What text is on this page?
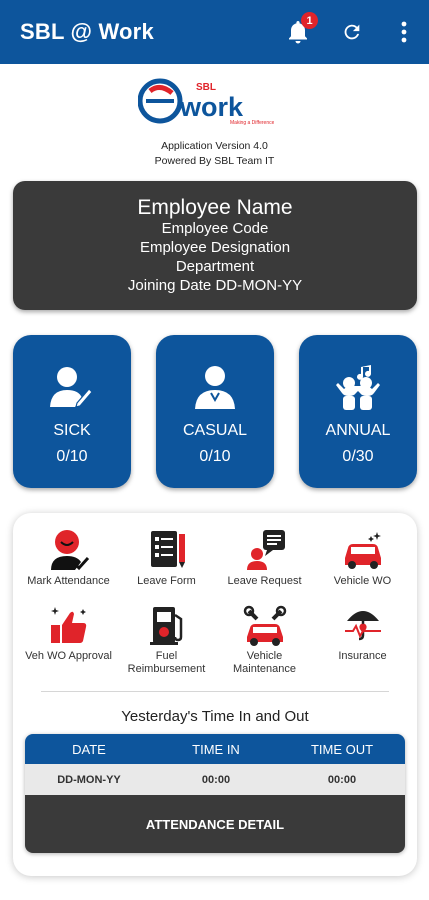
SBL @ Work	1
SBL
work
Making a Difference
Application Version 4.0
Powered By SBL Team IT
Employee Name
Employee Code
Employee Designation
Department
Joining Date DD-MON-YY
SICK
0/10
CASUAL
0/10
ANNUAL
0/30
Mark Attendance	Leave Form	Leave Request	Vehicle WO
Veh WO Approval	Fuel Reimbursement
Vehicle Maintenance
Insurance
Yesterday's Time In and Out
DATE	TIME IN	TIME OUT
DD-MON-YY	00:00	00:00
ATTENDANCE DETAIL
